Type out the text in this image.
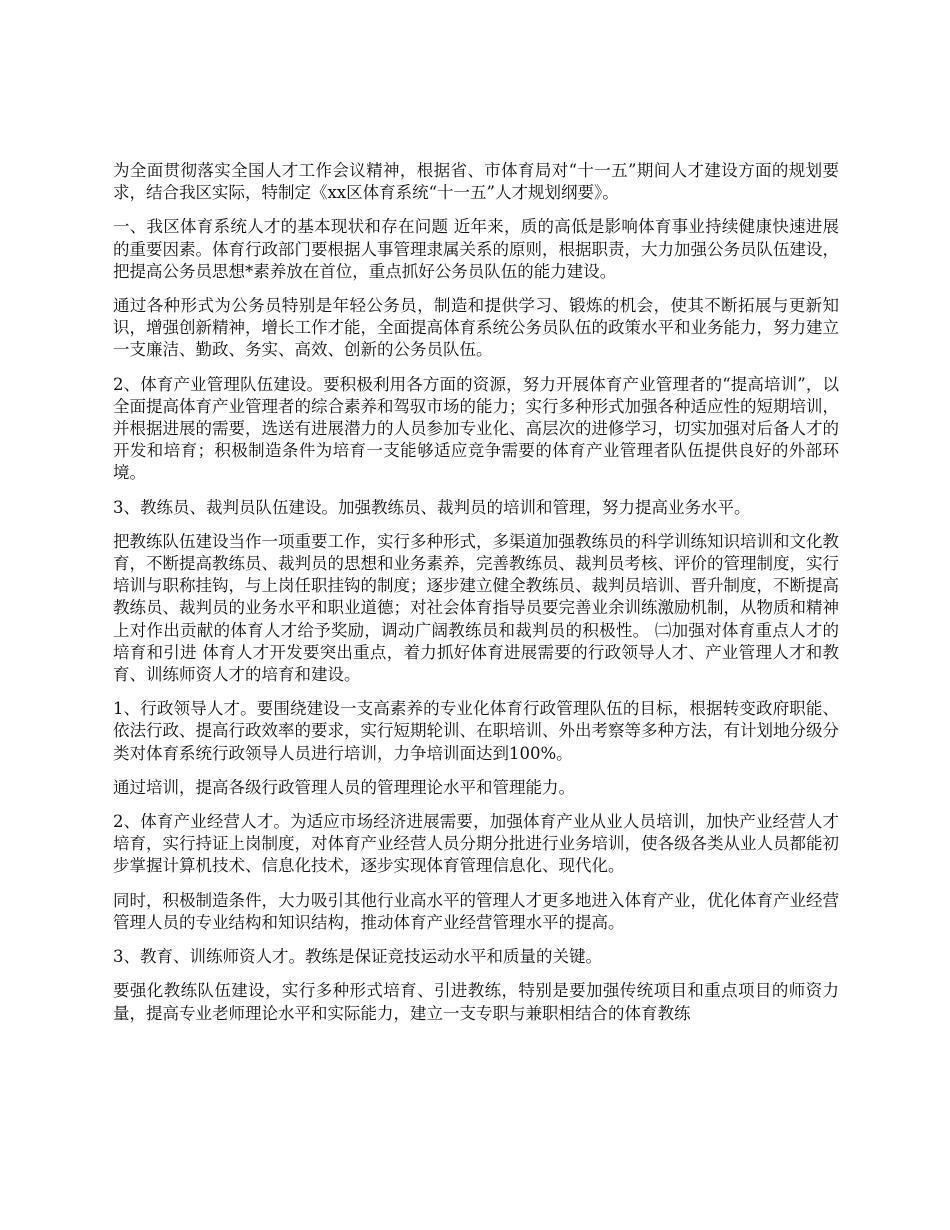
为全面贯彻落实全国人才工作会议精神，根据省、市体育局对“十一五”期间人才建设方面的规划要求，结合我区实际，特制定《xx区体育系统“十一五”人才规划纲要》。

一、我区体育系统人才的基本现状和存在问题 近年来，质的高低是影响体育事业持续健康快速进展的重要因素。体育行政部门要根据人事管理隶属关系的原则，根据职责，大力加强公务员队伍建设，把提高公务员思想*素养放在首位，重点抓好公务员队伍的能力建设。

通过各种形式为公务员特别是年轻公务员，制造和提供学习、锻炼的机会，使其不断拓展与更新知识，增强创新精神，增长工作才能，全面提高体育系统公务员队伍的政策水平和业务能力，努力建立一支廉洁、勤政、务实、高效、创新的公务员队伍。

2、体育产业管理队伍建设。要积极利用各方面的资源，努力开展体育产业管理者的“提高培训”，以全面提高体育产业管理者的综合素养和驾驭市场的能力；实行多种形式加强各种适应性的短期培训，并根据进展的需要，选送有进展潜力的人员参加专业化、高层次的进修学习，切实加强对后备人才的开发和培育；积极制造条件为培育一支能够适应竞争需要的体育产业管理者队伍提供良好的外部环境。

3、教练员、裁判员队伍建设。加强教练员、裁判员的培训和管理，努力提高业务水平。

把教练队伍建设当作一项重要工作，实行多种形式，多渠道加强教练员的科学训练知识培训和文化教育，不断提高教练员、裁判员的思想和业务素养，完善教练员、裁判员考核、评价的管理制度，实行培训与职称挂钩，与上岗任职挂钩的制度；逐步建立健全教练员、裁判员培训、晋升制度，不断提高教练员、裁判员的业务水平和职业道德；对社会体育指导员要完善业余训练激励机制，从物质和精神上对作出贡献的体育人才给予奖励，调动广阔教练员和裁判员的积极性。 ㈡加强对体育重点人才的培育和引进 体育人才开发要突出重点，着力抓好体育进展需要的行政领导人才、产业管理人才和教育、训练师资人才的培育和建设。

1、行政领导人才。要围绕建设一支高素养的专业化体育行政管理队伍的目标，根据转变政府职能、依法行政、提高行政效率的要求，实行短期轮训、在职培训、外出考察等多种方法，有计划地分级分类对体育系统行政领导人员进行培训，力争培训面达到100%。

通过培训，提高各级行政管理人员的管理理论水平和管理能力。

2、体育产业经营人才。为适应市场经济进展需要，加强体育产业从业人员培训，加快产业经营人才培育，实行持证上岗制度，对体育产业经营人员分期分批进行业务培训，使各级各类从业人员都能初步掌握计算机技术、信息化技术，逐步实现体育管理信息化、现代化。

同时，积极制造条件，大力吸引其他行业高水平的管理人才更多地进入体育产业，优化体育产业经营管理人员的专业结构和知识结构，推动体育产业经营管理水平的提高。

3、教育、训练师资人才。教练是保证竞技运动水平和质量的关键。

要强化教练队伍建设，实行多种形式培育、引进教练，特别是要加强传统项目和重点项目的师资力量，提高专业老师理论水平和实际能力，建立一支专职与兼职相结合的体育教练
